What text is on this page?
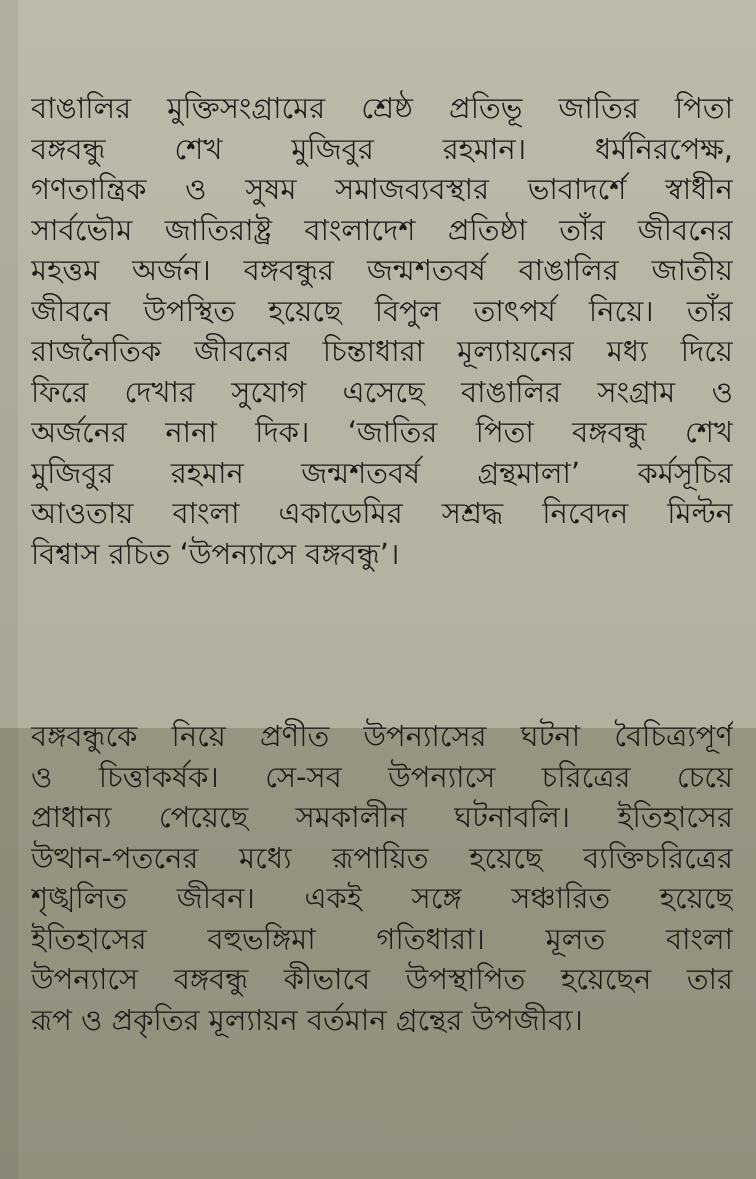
বাঙালির মুক্তিসংগ্রামের শ্রেষ্ঠ প্রতিভূ জাতির পিতা
বঙ্গবন্ধু শেখ মুজিবুর রহমান। ধর্মনিরপেক্ষ,
গণতান্ত্রিক ও সুষম সমাজব্যবস্থার ভাবাদর্শে স্বাধীন
সার্বভৌম জাতিরাষ্ট্র বাংলাদেশ প্রতিষ্ঠা তাঁর জীবনের
মহত্তম অর্জন। বঙ্গবন্ধুর জন্মশতবর্ষ বাঙালির জাতীয়
জীবনে উপস্থিত হয়েছে বিপুল তাৎপর্য নিয়ে। তাঁর
রাজনৈতিক জীবনের চিন্তাধারা মূল্যায়নের মধ্য দিয়ে
ফিরে দেখার সুযোগ এসেছে বাঙালির সংগ্রাম ও
অর্জনের নানা দিক। ‘জাতির পিতা বঙ্গবন্ধু শেখ
মুজিবুর রহমান জন্মশতবর্ষ গ্রন্থমালা’ কর্মসূচির
আওতায় বাংলা একাডেমির সশ্রদ্ধ নিবেদন মিল্টন
বিশ্বাস রচিত ‘উপন্যাসে বঙ্গবন্ধু’।

বঙ্গবন্ধুকে নিয়ে প্রণীত উপন্যাসের ঘটনা বৈচিত্র্যপূর্ণ
ও চিত্তাকর্ষক। সে-সব উপন্যাসে চরিত্রের চেয়ে
প্রাধান্য পেয়েছে সমকালীন ঘটনাবলি। ইতিহাসের
উত্থান-পতনের মধ্যে রূপায়িত হয়েছে ব্যক্তিচরিত্রের
শৃঙ্খলিত জীবন। একই সঙ্গে সঞ্চারিত হয়েছে
ইতিহাসের বহুভঙ্গিমা গতিধারা। মূলত বাংলা
উপন্যাসে বঙ্গবন্ধু কীভাবে উপস্থাপিত হয়েছেন তার
রূপ ও প্রকৃতির মূল্যায়ন বর্তমান গ্রন্থের উপজীব্য।
